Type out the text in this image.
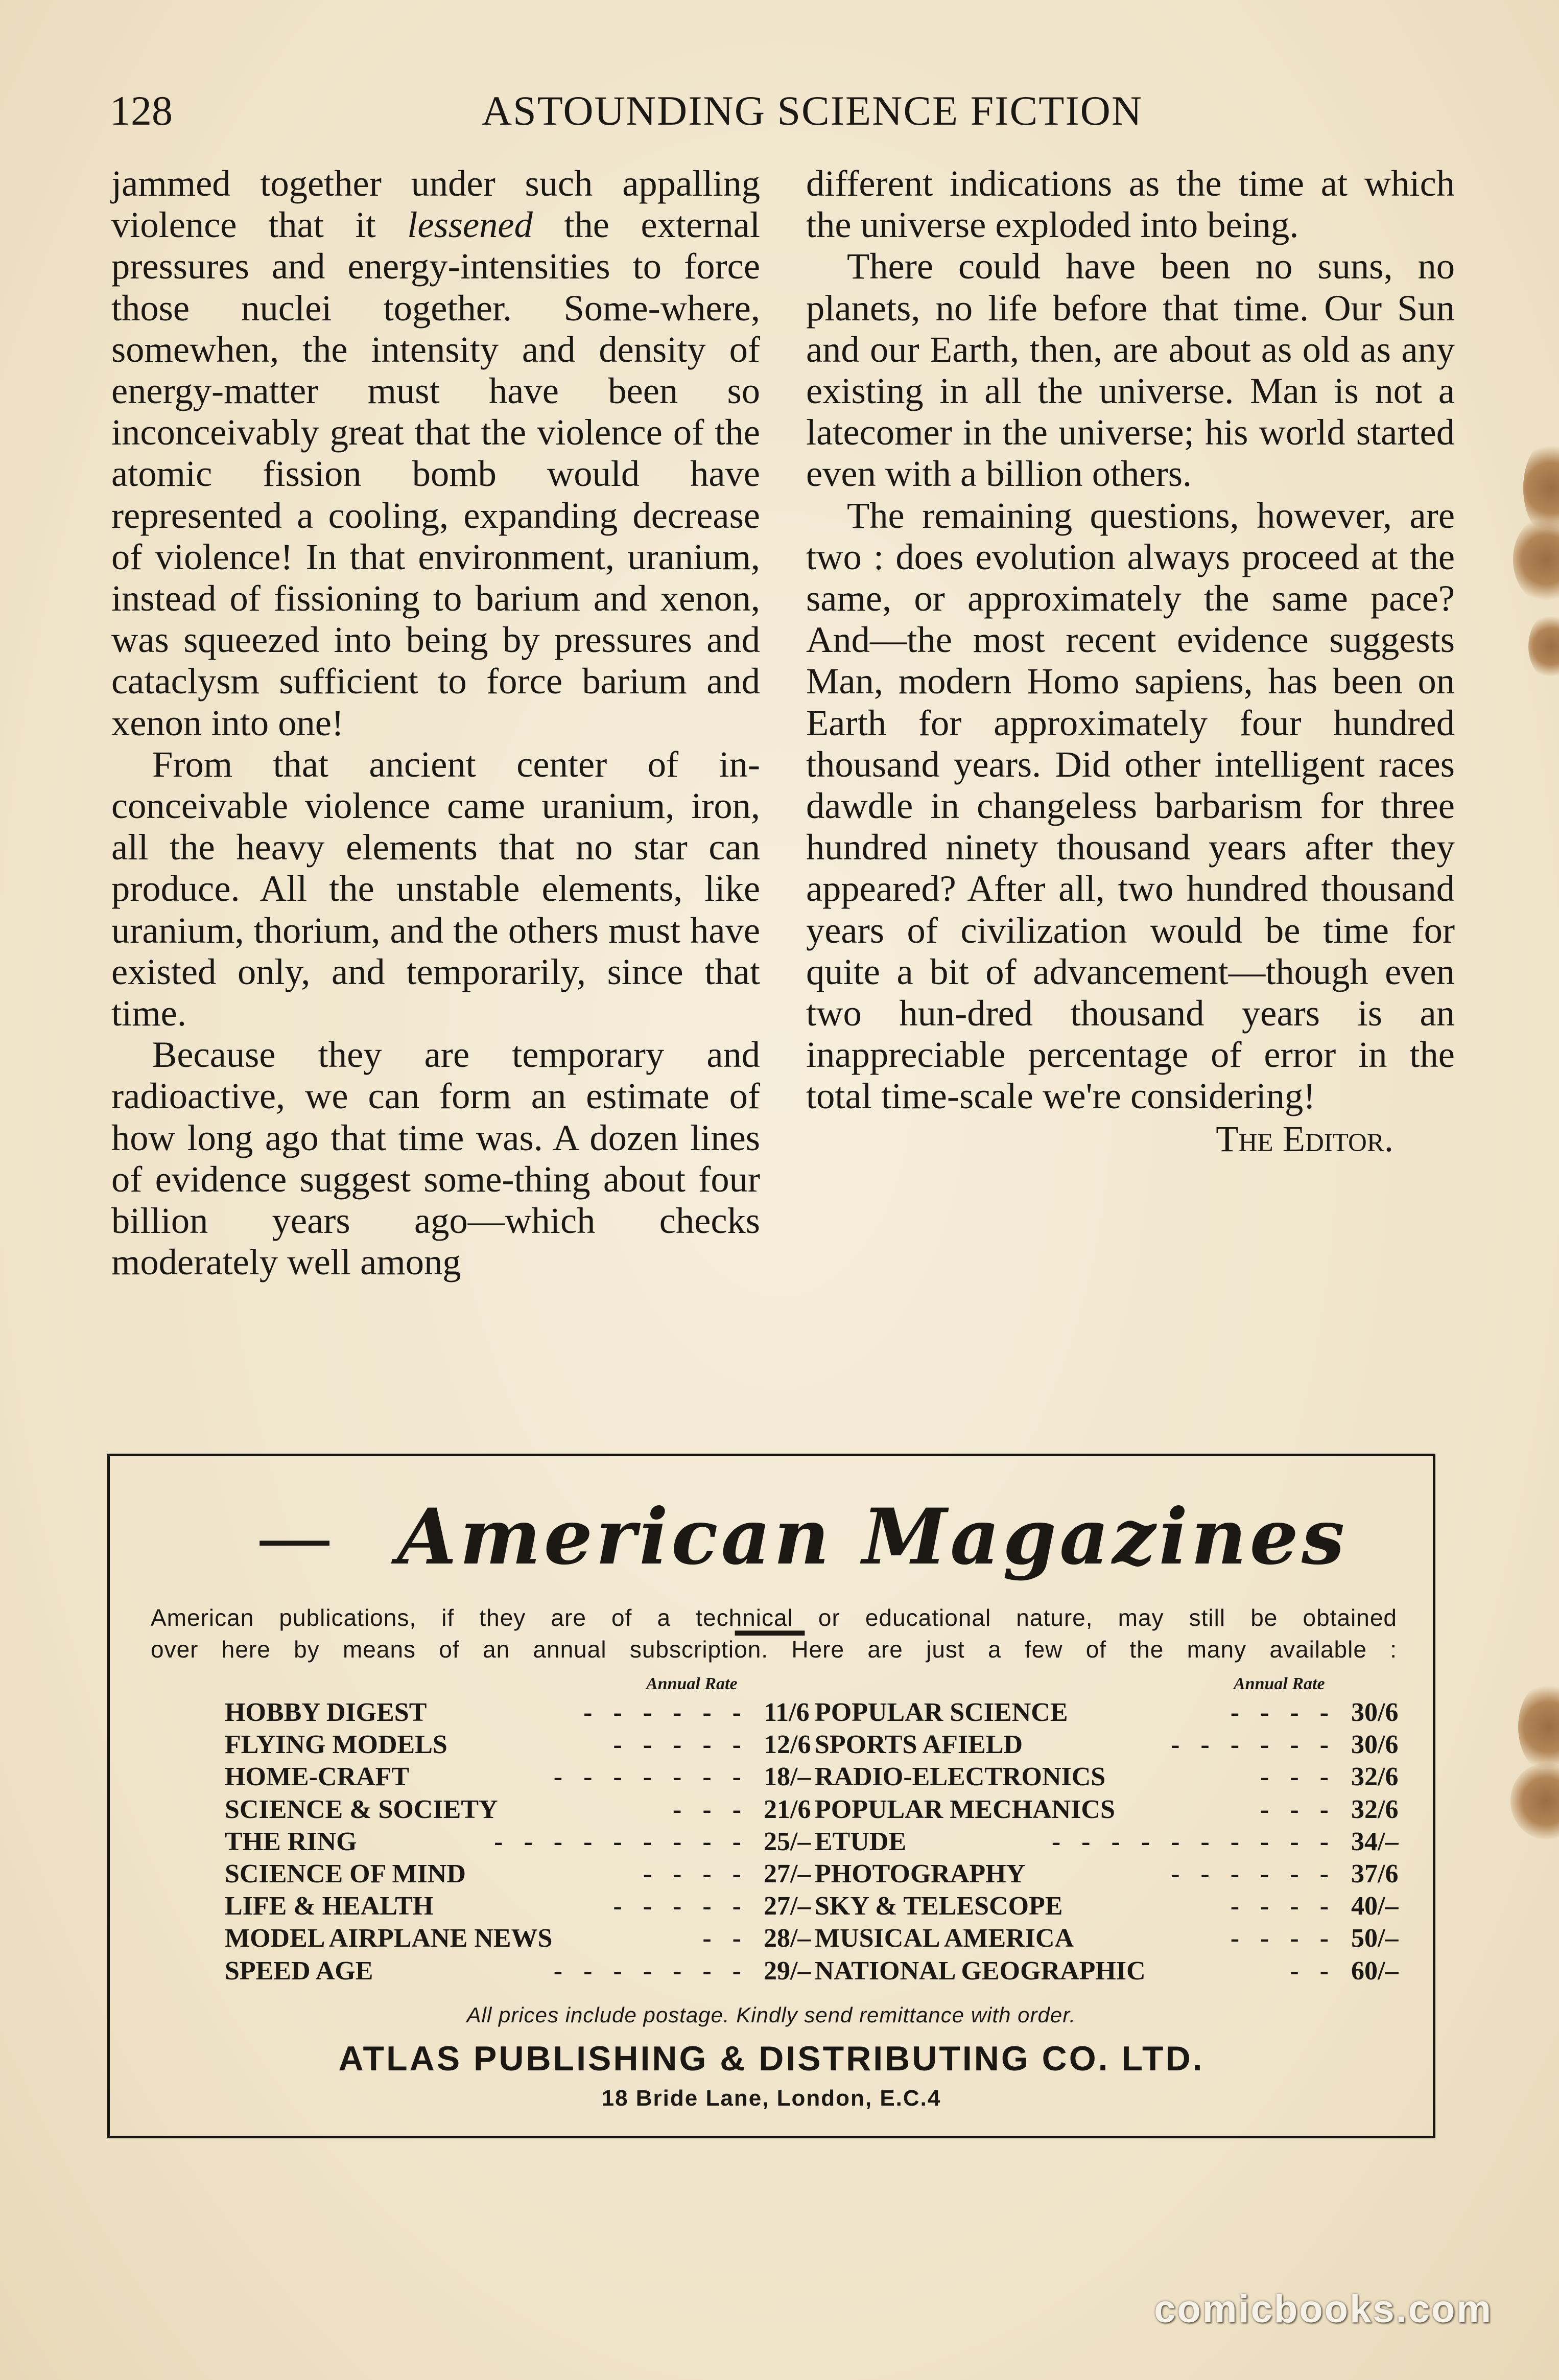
128	ASTOUNDING SCIENCE FICTION

jammed together under such appalling violence that it lessened the external pressures and energy-intensities to force those nuclei together. Some-where, somewhen, the intensity and density of energy-matter must have been so inconceivably great that the violence of the atomic fission bomb would have represented a cooling, expanding decrease of violence! In that environment, uranium, instead of fissioning to barium and xenon, was squeezed into being by pressures and cataclysm sufficient to force barium and xenon into one!

From that ancient center of in-conceivable violence came uranium, iron, all the heavy elements that no star can produce. All the unstable elements, like uranium, thorium, and the others must have existed only, and temporarily, since that time.

Because they are temporary and radioactive, we can form an estimate of how long ago that time was. A dozen lines of evidence suggest some-thing about four billion years ago—which checks moderately well among

different indications as the time at which the universe exploded into being.

There could have been no suns, no planets, no life before that time. Our Sun and our Earth, then, are about as old as any existing in all the universe. Man is not a latecomer in the universe; his world started even with a billion others.

The remaining questions, however, are two : does evolution always proceed at the same, or approximately the same pace? And—the most recent evidence suggests Man, modern Homo sapiens, has been on Earth for approximately four hundred thousand years. Did other intelligent races dawdle in changeless barbarism for three hundred ninety thousand years after they appeared? After all, two hundred thousand years of civilization would be time for quite a bit of advancement—though even two hun-dred thousand years is an inappreciable percentage of error in the total time-scale we're considering!

The Editor.

— American Magazines—
American publications, if they are of a technical or educational nature, may still be obtained
over here by means of an annual subscription. Here are just a few of the many available :
Annual Rate	Annual Rate
HOBBY DIGEST	- - - - - - 11/6
FLYING MODELS	- - - - - 12/6
HOME-CRAFT	- - - - - - - 18/–
SCIENCE & SOCIETY	- - - 21/6
THE RING	- - - - - - - - - 25/–
SCIENCE OF MIND	- - - - 27/–
LIFE & HEALTH	- - - - - 27/–
MODEL AIRPLANE NEWS	- - 28/–
SPEED AGE	- - - - - - - 29/–
POPULAR SCIENCE	- - - - 30/6
SPORTS AFIELD	- - - - - - 30/6
RADIO-ELECTRONICS	- - - 32/6
POPULAR MECHANICS	- - - 32/6
ETUDE	- - - - - - - - - - 34/–
PHOTOGRAPHY	- - - - - - 37/6
SKY & TELESCOPE	- - - - 40/–
MUSICAL AMERICA	- - - - 50/–
NATIONAL GEOGRAPHIC	- - 60/–
All prices include postage. Kindly send remittance with order.
ATLAS PUBLISHING & DISTRIBUTING CO. LTD.
18 Bride Lane, London, E.C.4
comicbooks.com
